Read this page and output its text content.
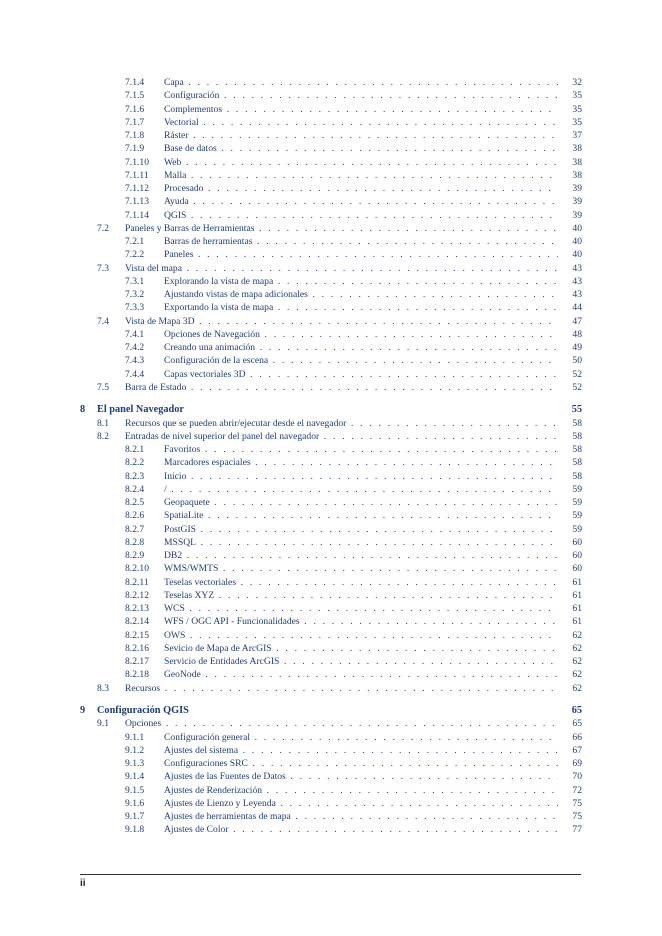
7.1.4 Capa . . .	32
7.1.5 Configuración . . .	35
7.1.6 Complementos . . .	35
7.1.7 Vectorial . . .	35
7.1.8 Ráster . . .	37
7.1.9 Base de datos . . .	38
7.1.10 Web . . .	38
7.1.11 Malla . . .	38
7.1.12 Procesado . . .	39
7.1.13 Ayuda . . .	39
7.1.14 QGIS . . .	39
7.2 Paneles y Barras de Herramientas . . .	40
7.2.1 Barras de herramientas . . .	40
7.2.2 Paneles . . .	40
7.3 Vista del mapa . . .	43
7.3.1 Explorando la vista de mapa . . .	43
7.3.2 Ajustando vistas de mapa adicionales . . .	43
7.3.3 Exportando la vista de mapa . . .	44
7.4 Vista de Mapa 3D . . .	47
7.4.1 Opciones de Navegación . . .	48
7.4.2 Creando una animación . . .	49
7.4.3 Configuración de la escena . . .	50
7.4.4 Capas vectoriales 3D . . .	52
7.5 Barra de Estado . . .	52
8 El panel Navegador	55
8.1 Recursos que se pueden abrir/ejecutar desde el navegador . . .	58
8.2 Entradas de nivel superior del panel del navegador . . .	58
8.2.1 Favoritos . . .	58
8.2.2 Marcadores espaciales . . .	58
8.2.3 Inicio . . .	58
8.2.4 / . . .	59
8.2.5 Geopaquete . . .	59
8.2.6 SpatiaLite . . .	59
8.2.7 PostGIS . . .	59
8.2.8 MSSQL . . .	60
8.2.9 DB2 . . .	60
8.2.10 WMS/WMTS . . .	60
8.2.11 Teselas vectoriales . . .	61
8.2.12 Teselas XYZ . . .	61
8.2.13 WCS . . .	61
8.2.14 WFS / OGC API - Funcionalidades . . .	61
8.2.15 OWS . . .	62
8.2.16 Sevicio de Mapa de ArcGIS . . .	62
8.2.17 Servicio de Entidades ArcGIS . . .	62
8.2.18 GeoNode . . .	62
8.3 Recursos . . .	62
9 Configuración QGIS	65
9.1 Opciones . . .	65
9.1.1 Configuración general . . .	66
9.1.2 Ajustes del sistema . . .	67
9.1.3 Configuraciones SRC . . .	69
9.1.4 Ajustes de las Fuentes de Datos . . .	70
9.1.5 Ajustes de Renderización . . .	72
9.1.6 Ajustes de Lienzo y Leyenda . . .	75
9.1.7 Ajustes de herramientas de mapa . . .	75
9.1.8 Ajustes de Color . . .	77
ii
